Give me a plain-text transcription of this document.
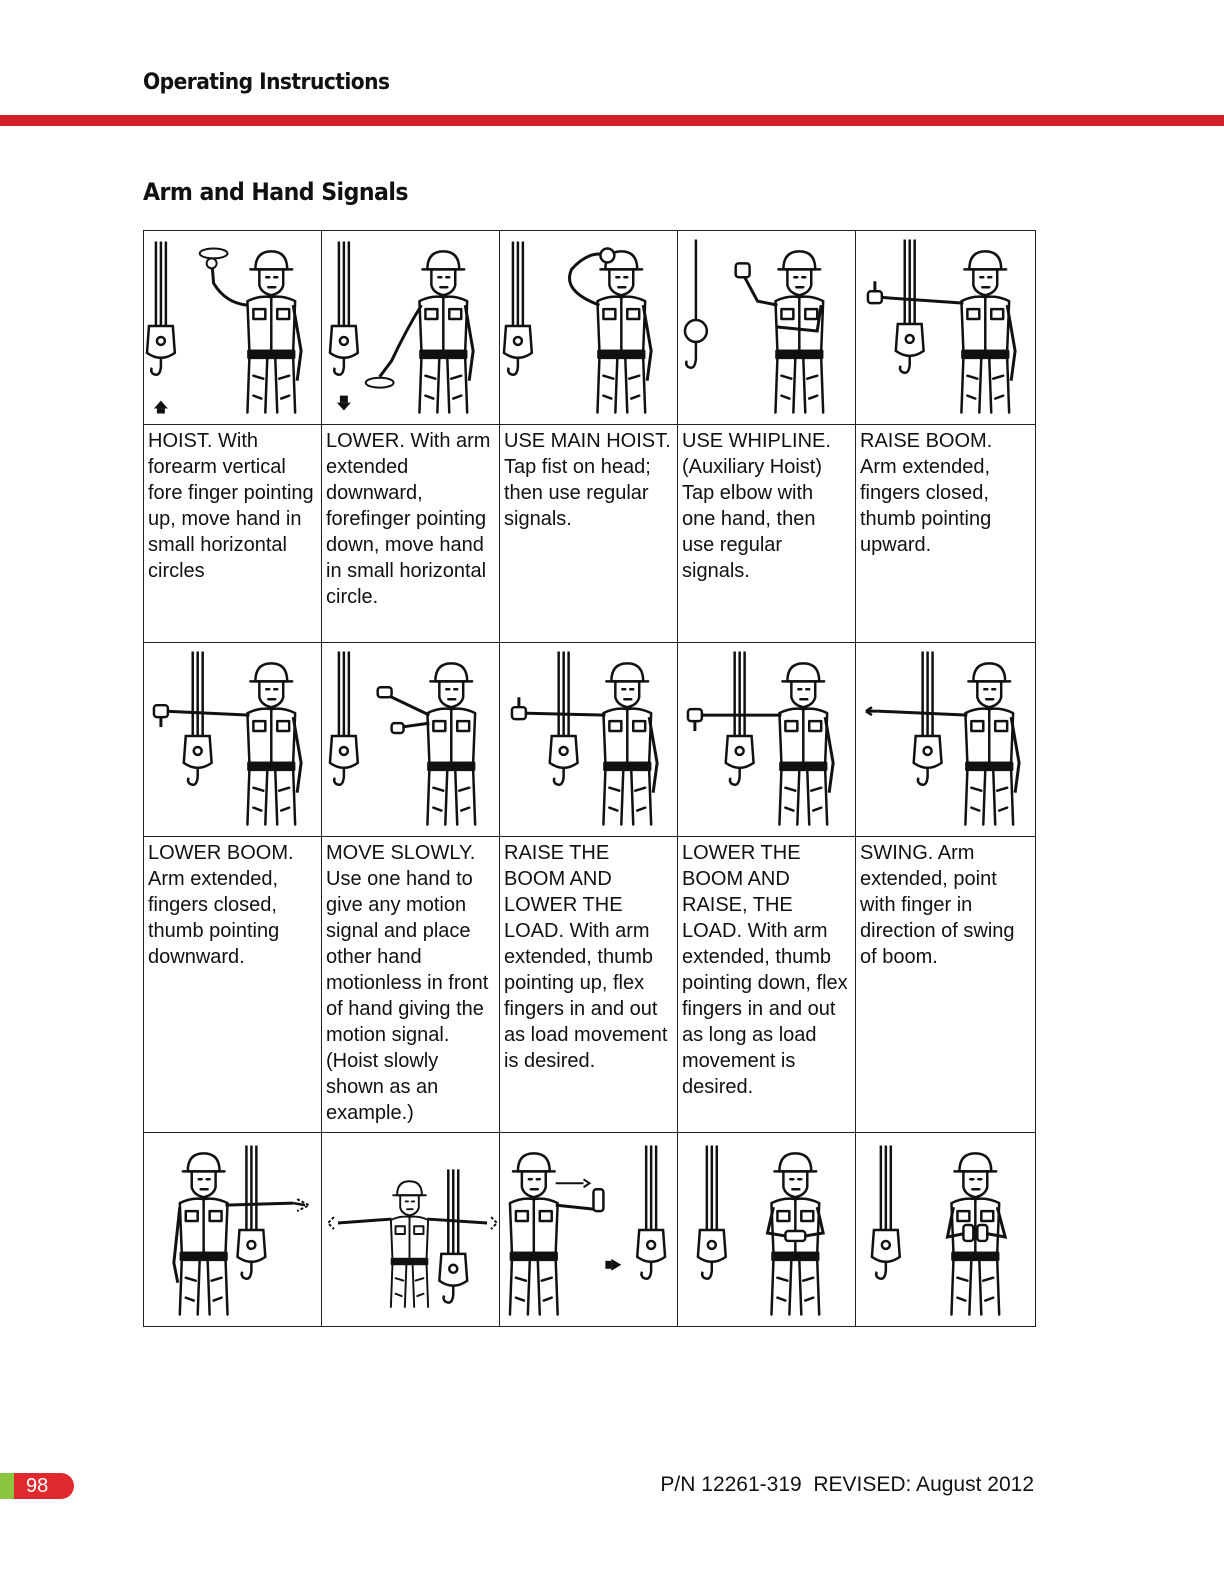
Operating Instructions
Arm and Hand Signals

HOIST. With forearm vertical fore finger pointing up, move hand in small horizontal circles	LOWER. With arm extended downward, forefinger pointing down, move hand in small horizontal circle.	USE MAIN HOIST. Tap fist on head; then use regular signals.	USE WHIPLINE. (Auxiliary Hoist) Tap elbow with one hand, then use regular signals.	RAISE BOOM. Arm extended, fingers closed, thumb pointing upward.

LOWER BOOM. Arm extended, fingers closed, thumb pointing downward.	MOVE SLOWLY. Use one hand to give any motion signal and place other hand motionless in front of hand giving the motion signal. (Hoist slowly shown as an example.)	RAISE THE BOOM AND LOWER THE LOAD. With arm extended, thumb pointing up, flex fingers in and out as load movement is desired.	LOWER THE BOOM AND RAISE, THE LOAD. With arm extended, thumb pointing down, flex fingers in and out as long as load movement is desired.	SWING. Arm extended, point with finger in direction of swing of boom.

98	P/N 12261-319  REVISED: August 2012
